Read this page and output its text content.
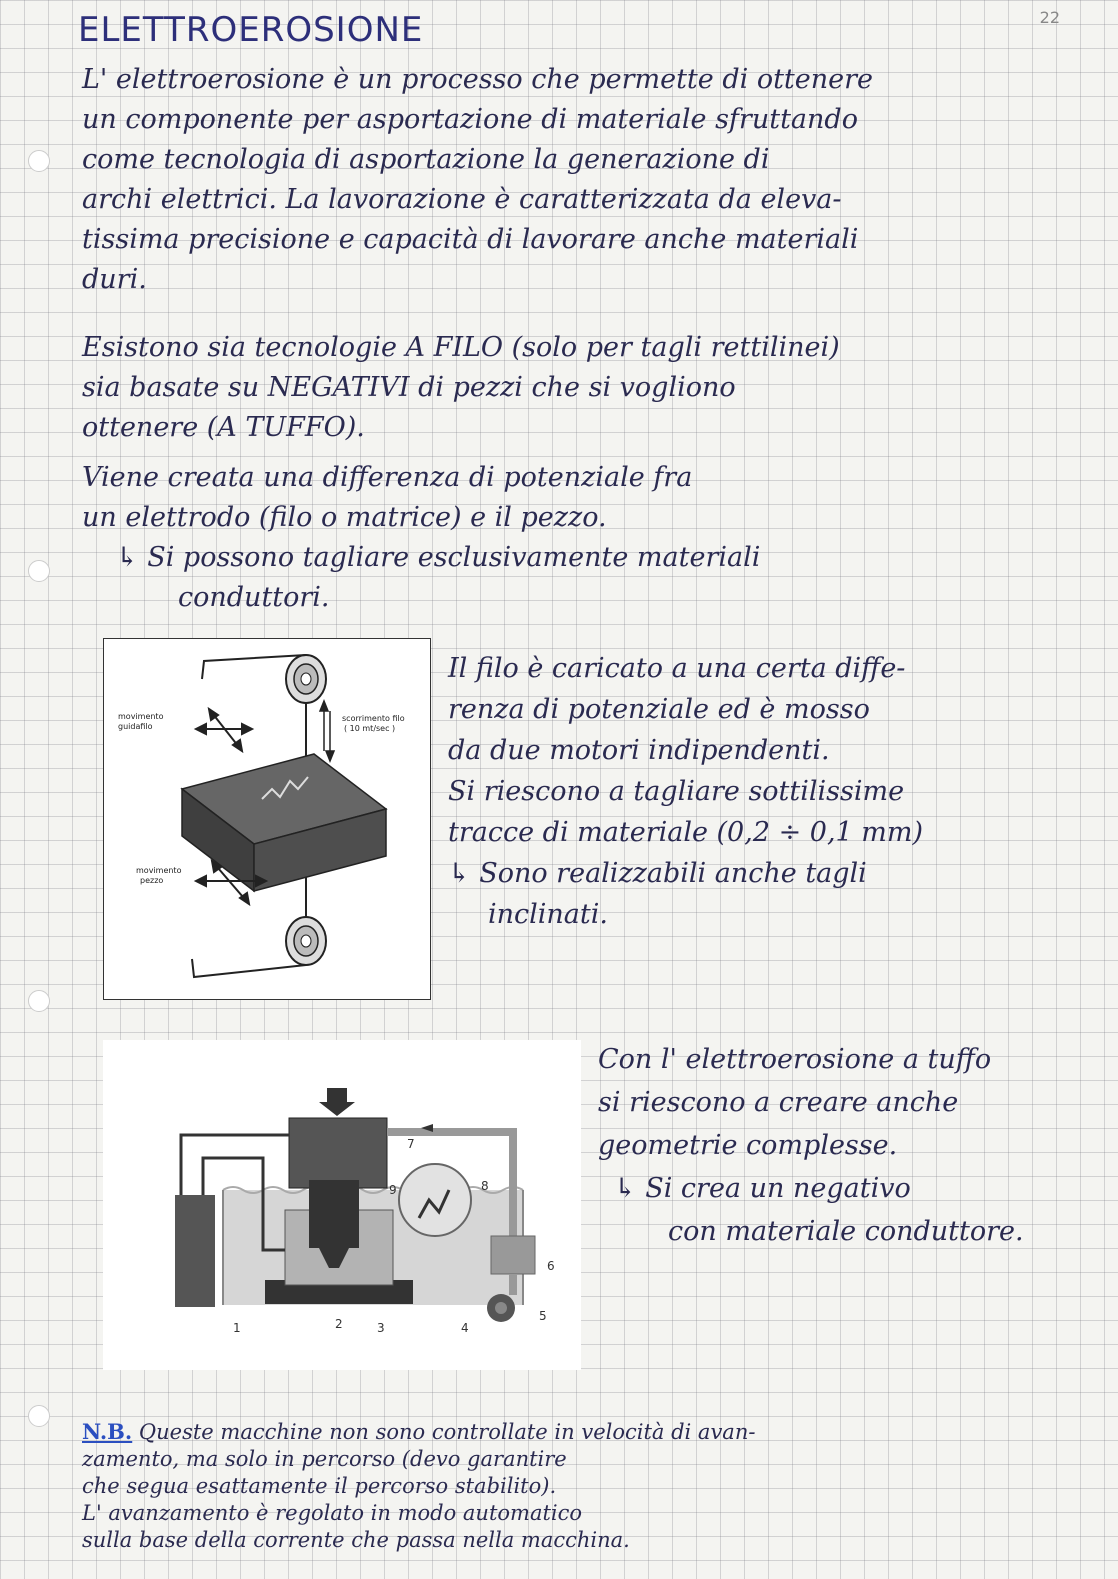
ELETTROEROSIONE	22
L' elettroerosione è un processo che permette di ottenere
un componente per asportazione di materiale sfruttando
come tecnologia di asportazione la generazione di
archi elettrici. La lavorazione è caratterizzata da eleva-
tissima precisione e capacità di lavorare anche materiali
duri.
Esistono sia tecnologie A FILO (solo per tagli rettilinei)
sia basate su NEGATIVI di pezzi che si vogliono
ottenere (A TUFFO).
Viene creata una differenza di potenziale fra
un elettrodo (filo o matrice) e il pezzo.
↳ Si possono tagliare esclusivamente materiali
conduttori.
movimento
guidafilo
scorrimento filo
( 10 mt/sec )
movimento
pezzo
Il filo è caricato a una certa diffe-
renza di potenziale ed è mosso
da due motori indipendenti.
Si riescono a tagliare sottilissime
tracce di materiale (0,2 ÷ 0,1 mm)
↳ Sono realizzabili anche tagli
inclinati.
1	2	3	4
5
6
7
8
9
Con l' elettroerosione a tuffo
si riescono a creare anche
geometrie complesse.
↳ Si crea un negativo
con materiale conduttore.
N.B. Queste macchine non sono controllate in velocità di avan-
zamento, ma solo in percorso (devo garantire
che segua esattamente il percorso stabilito).
L' avanzamento è regolato in modo automatico
sulla base della corrente che passa nella macchina.
